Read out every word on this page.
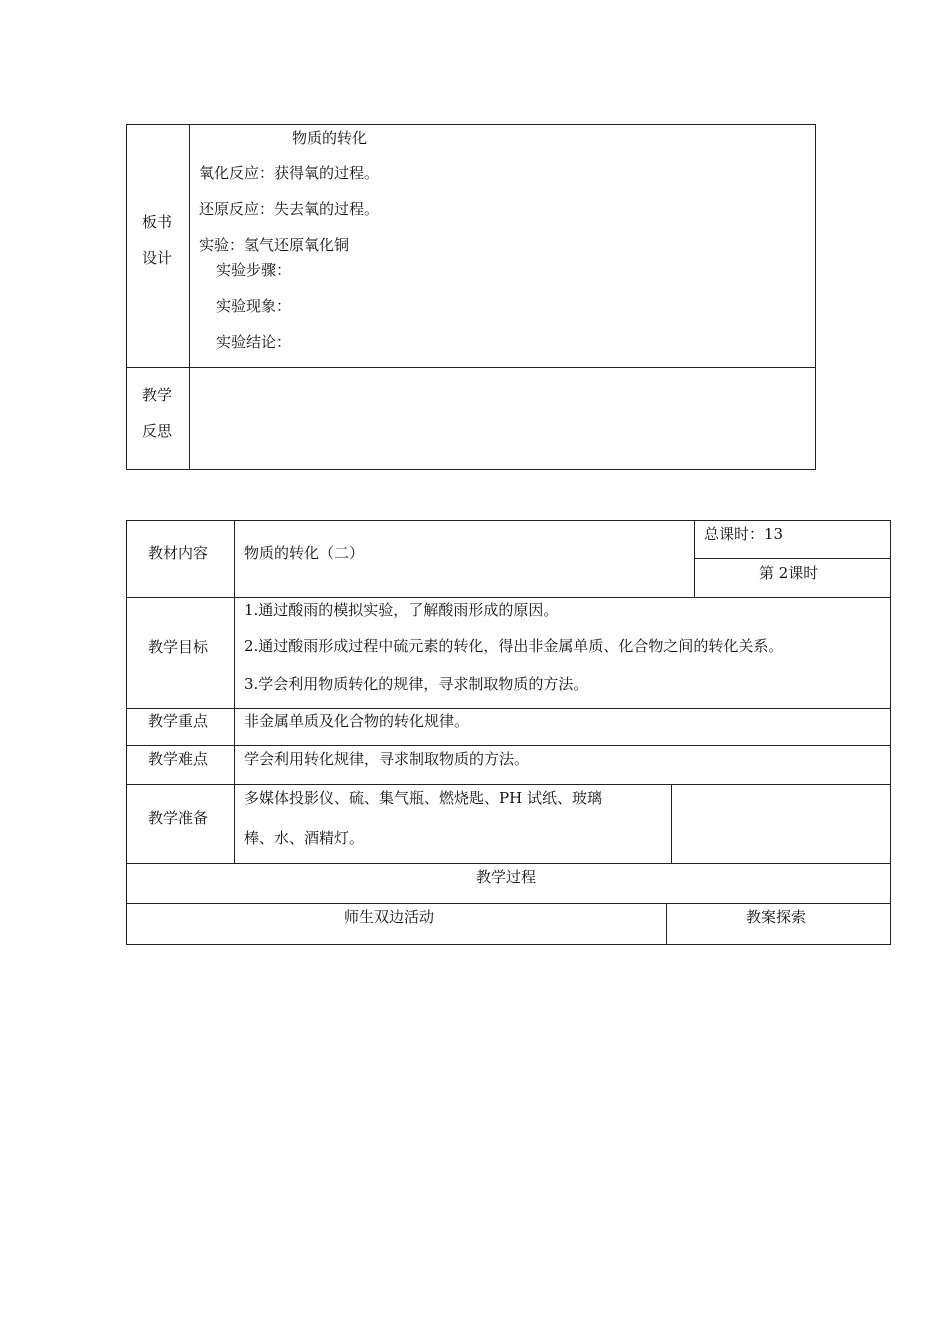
板书
设计
物质的转化
氧化反应：获得氧的过程。
还原反应：失去氧的过程。
实验：氢气还原氧化铜
实验步骤：
实验现象：
实验结论：
教学
反思
教材内容 物质的转化（二）
总课时：13
第 2课时
教学目标
1.通过酸雨的模拟实验，了解酸雨形成的原因。
2.通过酸雨形成过程中硫元素的转化，得出非金属单质、化合物之间的转化关系。
3.学会利用物质转化的规律，寻求制取物质的方法。
教学重点 非金属单质及化合物的转化规律。
教学难点 学会利用转化规律，寻求制取物质的方法。
教学准备
多媒体投影仪、硫、集气瓶、燃烧匙、PH 试纸、玻璃
棒、水、酒精灯。
教学过程
师生双边活动	教案探索
